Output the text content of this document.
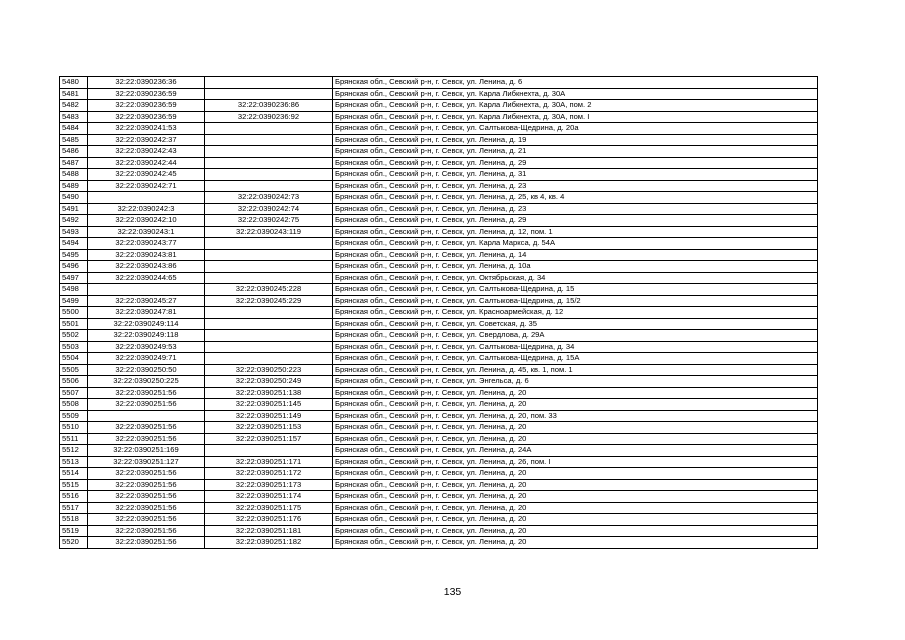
5480	32:22:0390236:36		Брянская обл., Севский р-н, г. Севск, ул. Ленина, д. 6
5481	32:22:0390236:59		Брянская обл., Севский р-н, г. Севск, ул. Карла Либкнехта, д. 30А
5482	32:22:0390236:59	32:22:0390236:86	Брянская обл., Севский р-н, г. Севск, ул. Карла Либкнехта, д. 30А, пом. 2
5483	32:22:0390236:59	32:22:0390236:92	Брянская обл., Севский р-н, г. Севск, ул. Карла Либкнехта, д. 30А, пом. I
5484	32:22:0390241:53		Брянская обл., Севский р-н, г. Севск, ул. Салтыкова-Щедрина, д. 20а
5485	32:22:0390242:37		Брянская обл., Севский р-н, г. Севск, ул. Ленина, д. 19
5486	32:22:0390242:43		Брянская обл., Севский р-н, г. Севск, ул. Ленина, д. 21
5487	32:22:0390242:44		Брянская обл., Севский р-н, г. Севск, ул. Ленина, д. 29
5488	32:22:0390242:45		Брянская обл., Севский р-н, г. Севск, ул. Ленина, д. 31
5489	32:22:0390242:71		Брянская обл., Севский р-н, г. Севск, ул. Ленина, д. 23
5490		32:22:0390242:73	Брянская обл., Севский р-н, г. Севск, ул. Ленина, д. 25, кв 4, кв. 4
5491	32:22:0390242:3	32:22:0390242:74	Брянская обл., Севский р-н, г. Севск, ул. Ленина, д. 23
5492	32:22:0390242:10	32:22:0390242:75	Брянская обл., Севский р-н, г. Севск, ул. Ленина, д. 29
5493	32:22:0390243:1	32:22:0390243:119	Брянская обл., Севский р-н, г. Севск, ул. Ленина, д. 12, пом. 1
5494	32:22:0390243:77		Брянская обл., Севский р-н, г. Севск, ул. Карла Маркса, д. 54А
5495	32:22:0390243:81		Брянская обл., Севский р-н, г. Севск, ул. Ленина, д. 14
5496	32:22:0390243:86		Брянская обл., Севский р-н, г. Севск, ул. Ленина, д. 10а
5497	32:22:0390244:65		Брянская обл., Севский р-н, г. Севск, ул. Октябрьская, д. 34
5498		32:22:0390245:228	Брянская обл., Севский р-н, г. Севск, ул. Салтыкова-Щедрина, д. 15
5499	32:22:0390245:27	32:22:0390245:229	Брянская обл., Севский р-н, г. Севск, ул. Салтыкова-Щедрина, д. 15/2
5500	32:22:0390247:81		Брянская обл., Севский р-н, г. Севск, ул. Красноармейская, д. 12
5501	32:22:0390249:114		Брянская обл., Севский р-н, г. Севск, ул. Советская, д. 35
5502	32:22:0390249:118		Брянская обл., Севский р-н, г. Севск, ул. Свердлова, д. 29А
5503	32:22:0390249:53		Брянская обл., Севский р-н, г. Севск, ул. Салтыкова-Щедрина, д. 34
5504	32:22:0390249:71		Брянская обл., Севский р-н, г. Севск, ул. Салтыкова-Щедрина, д. 15А
5505	32:22:0390250:50	32:22:0390250:223	Брянская обл., Севский р-н, г. Севск, ул. Ленина, д. 45, кв. 1, пом. 1
5506	32:22:0390250:225	32:22:0390250:249	Брянская обл., Севский р-н, г. Севск, ул. Энгельса, д. 6
5507	32:22:0390251:56	32:22:0390251:138	Брянская обл., Севский р-н, г. Севск, ул. Ленина, д. 20
5508	32:22:0390251:56	32:22:0390251:145	Брянская обл., Севский р-н, г. Севск, ул. Ленина, д. 20
5509		32:22:0390251:149	Брянская обл., Севский р-н, г. Севск, ул. Ленина, д. 20, пом. 33
5510	32:22:0390251:56	32:22:0390251:153	Брянская обл., Севский р-н, г. Севск, ул. Ленина, д. 20
5511	32:22:0390251:56	32:22:0390251:157	Брянская обл., Севский р-н, г. Севск, ул. Ленина, д. 20
5512	32:22:0390251:169		Брянская обл., Севский р-н, г. Севск, ул. Ленина, д. 24А
5513	32:22:0390251:127	32:22:0390251:171	Брянская обл., Севский р-н, г. Севск, ул. Ленина, д. 26, пом. I
5514	32:22:0390251:56	32:22:0390251:172	Брянская обл., Севский р-н, г. Севск, ул. Ленина, д. 20
5515	32:22:0390251:56	32:22:0390251:173	Брянская обл., Севский р-н, г. Севск, ул. Ленина, д. 20
5516	32:22:0390251:56	32:22:0390251:174	Брянская обл., Севский р-н, г. Севск, ул. Ленина, д. 20
5517	32:22:0390251:56	32:22:0390251:175	Брянская обл., Севский р-н, г. Севск, ул. Ленина, д. 20
5518	32:22:0390251:56	32:22:0390251:176	Брянская обл., Севский р-н, г. Севск, ул. Ленина, д. 20
5519	32:22:0390251:56	32:22:0390251:181	Брянская обл., Севский р-н, г. Севск, ул. Ленина, д. 20
5520	32:22:0390251:56	32:22:0390251:182	Брянская обл., Севский р-н, г. Севск, ул. Ленина, д. 20
135
